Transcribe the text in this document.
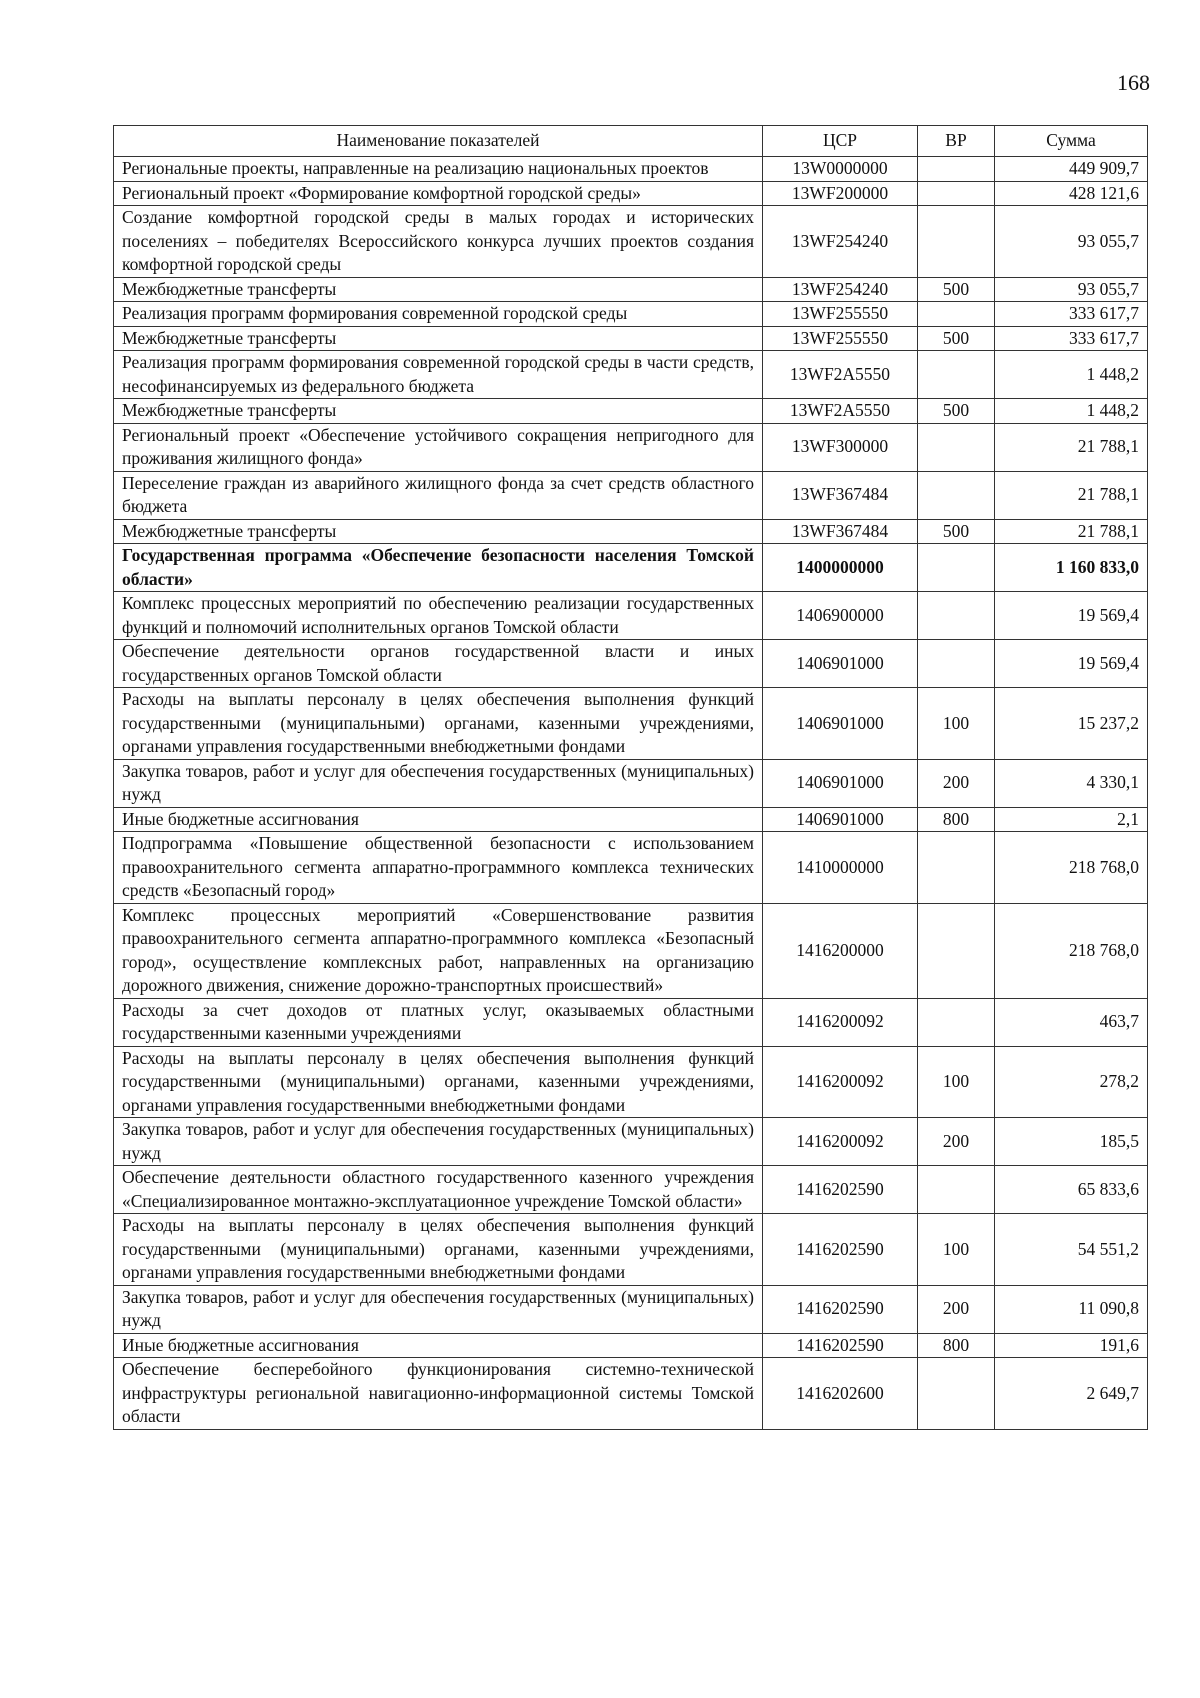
168
Наименование показателей	ЦСР	ВР	Сумма
Региональные проекты, направленные на реализацию национальных проектов	13W0000000		449 909,7
Региональный проект «Формирование комфортной городской среды»	13WF200000		428 121,6
Создание комфортной городской среды в малых городах и исторических поселениях – победителях Всероссийского конкурса лучших проектов создания комфортной городской среды	13WF254240		93 055,7
Межбюджетные трансферты	13WF254240	500	93 055,7
Реализация программ формирования современной городской среды	13WF255550		333 617,7
Межбюджетные трансферты	13WF255550	500	333 617,7
Реализация программ формирования современной городской среды в части средств, несофинансируемых из федерального бюджета	13WF2A5550		1 448,2
Межбюджетные трансферты	13WF2A5550	500	1 448,2
Региональный проект «Обеспечение устойчивого сокращения непригодного для проживания жилищного фонда»	13WF300000		21 788,1
Переселение граждан из аварийного жилищного фонда за счет средств областного бюджета	13WF367484		21 788,1
Межбюджетные трансферты	13WF367484	500	21 788,1
Государственная программа «Обеспечение безопасности населения Томской области»	1400000000		1 160 833,0
Комплекс процессных мероприятий по обеспечению реализации государственных функций и полномочий исполнительных органов Томской области	1406900000		19 569,4
Обеспечение деятельности органов государственной власти и иных государственных органов Томской области	1406901000		19 569,4
Расходы на выплаты персоналу в целях обеспечения выполнения функций государственными (муниципальными) органами, казенными учреждениями, органами управления государственными внебюджетными фондами	1406901000	100	15 237,2
Закупка товаров, работ и услуг для обеспечения государственных (муниципальных) нужд	1406901000	200	4 330,1
Иные бюджетные ассигнования	1406901000	800	2,1
Подпрограмма «Повышение общественной безопасности с использованием правоохранительного сегмента аппаратно-программного комплекса технических средств «Безопасный город»	1410000000		218 768,0
Комплекс процессных мероприятий «Совершенствование развития правоохранительного сегмента аппаратно-программного комплекса «Безопасный город», осуществление комплексных работ, направленных на организацию дорожного движения, снижение дорожно-транспортных происшествий»	1416200000		218 768,0
Расходы за счет доходов от платных услуг, оказываемых областными государственными казенными учреждениями	1416200092		463,7
Расходы на выплаты персоналу в целях обеспечения выполнения функций государственными (муниципальными) органами, казенными учреждениями, органами управления государственными внебюджетными фондами	1416200092	100	278,2
Закупка товаров, работ и услуг для обеспечения государственных (муниципальных) нужд	1416200092	200	185,5
Обеспечение деятельности областного государственного казенного учреждения «Специализированное монтажно-эксплуатационное учреждение Томской области»	1416202590		65 833,6
Расходы на выплаты персоналу в целях обеспечения выполнения функций государственными (муниципальными) органами, казенными учреждениями, органами управления государственными внебюджетными фондами	1416202590	100	54 551,2
Закупка товаров, работ и услуг для обеспечения государственных (муниципальных) нужд	1416202590	200	11 090,8
Иные бюджетные ассигнования	1416202590	800	191,6
Обеспечение бесперебойного функционирования системно-технической инфраструктуры региональной навигационно-информационной системы Томской области	1416202600		2 649,7
